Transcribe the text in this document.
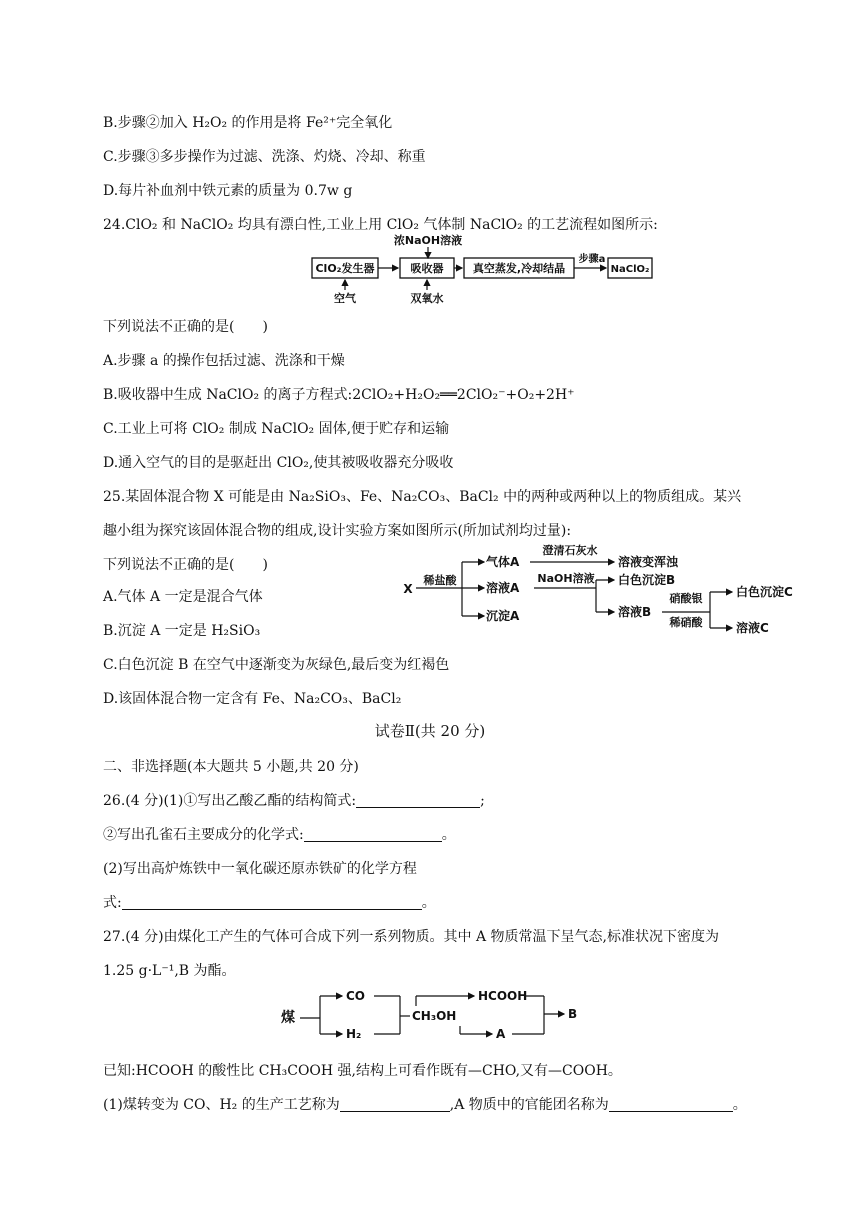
B.步骤②加入 H₂O₂ 的作用是将 Fe²⁺完全氧化
C.步骤③多步操作为过滤、洗涤、灼烧、冷却、称重
D.每片补血剂中铁元素的质量为 0.7w g
24.ClO₂ 和 NaClO₂ 均具有漂白性,工业上用 ClO₂ 气体制 NaClO₂ 的工艺流程如图所示:
浓NaOH溶液
ClO₂发生器	吸收器	真空蒸发,冷却结晶
步骤a
NaClO₂
空气	双氧水
下列说法不正确的是(　　)
A.步骤 a 的操作包括过滤、洗涤和干燥
B.吸收器中生成 NaClO₂ 的离子方程式:2ClO₂+H₂O₂══2ClO₂⁻+O₂+2H⁺
C.工业上可将 ClO₂ 制成 NaClO₂ 固体,便于贮存和运输
D.通入空气的目的是驱赶出 ClO₂,使其被吸收器充分吸收
25.某固体混合物 X 可能是由 Na₂SiO₃、Fe、Na₂CO₃、BaCl₂ 中的两种或两种以上的物质组成。某兴
趣小组为探究该固体混合物的组成,设计实验方案如图所示(所加试剂均过量):
下列说法不正确的是(　　)
A.气体 A 一定是混合气体
B.沉淀 A 一定是 H₂SiO₃
C.白色沉淀 B 在空气中逐渐变为灰绿色,最后变为红褐色
D.该固体混合物一定含有 Fe、Na₂CO₃、BaCl₂
X
稀盐酸
气体A
溶液A
沉淀A
澄清石灰水
溶液变浑浊
NaOH溶液 白色沉淀B
溶液B
硝酸银
稀硝酸
白色沉淀C
溶液C
试卷Ⅱ(共 20 分)
二、非选择题(本大题共 5 小题,共 20 分)
26.(4 分)(1)①写出乙酸乙酯的结构简式:	;
②写出孔雀石主要成分的化学式:	。
(2)写出高炉炼铁中一氧化碳还原赤铁矿的化学方程
式:	。
27.(4 分)由煤化工产生的气体可合成下列一系列物质。其中 A 物质常温下呈气态,标准状况下密度为
1.25 g·L⁻¹,B 为酯。
煤
CO
H₂
CH₃OH
HCOOH
A
B
已知:HCOOH 的酸性比 CH₃COOH 强,结构上可看作既有—CHO,又有—COOH。
(1)煤转变为 CO、H₂ 的生产工艺称为	,A 物质中的官能团名称为	。
